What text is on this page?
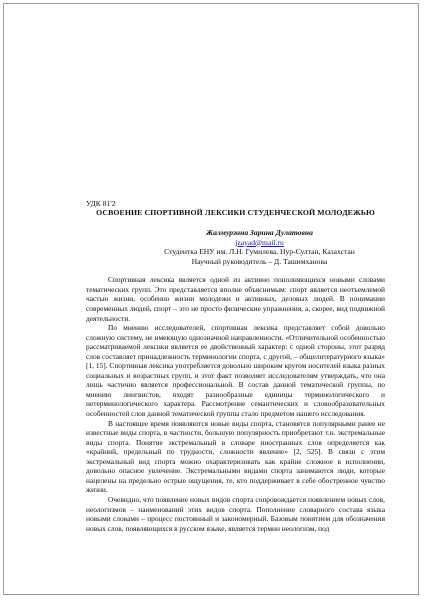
УДК 81'2

ОСВОЕНИЕ СПОРТИВНОЙ ЛЕКСИКИ СТУДЕНЧЕСКОЙ МОЛОДЕЖЬЮ

Жалмурзина Зарина Дулатовна
jzayad@mail.ru
Студентка ЕНУ им. Л.Н. Гумилева, Нур-Султан, Казахстан
Научный руководитель – Д. Ташимханова

Спортивная лексика является одной из активно пополняющихся новыми словами тематических групп. Это представляется вполне объяснимым: спорт является неотъемлемой частью жизни, особенно жизни молодежи и активных, деловых людей. В понимании современных людей, спорт – это не просто физические упражнения, а, скорее, вид подвижной деятельности.

По мнению исследователей, спортивная лексика представляет собой довольно сложную систему, не имеющую однозначной направленности. «Отличительной особенностью рассматриваемой лексики является ее двойственный характер: с одной стороны, этот разряд слов составляет принадлежность терминологии спорта, с другой, – общелитературного языка» [1, 15]. Спортивная лексика употребляется довольно широким кругом носителей языка разных социальных и возрастных групп, и этот факт позволяет исследователям утверждать, что она лишь частично является профессиональной. В состав данной тематической группы, по мнению лингвистов, входят разнообразные единицы терминологического и нетерминологического характера. Рассмотрение семантических и словообразовательных особенностей слов данной тематической группы стало предметом нашего исследования.

В настоящее время появляются новые виды спорта, становятся популярными ранее не известные виды спорта, в частности, большую популярность приобретают т.н. экстремальные виды спорта. Понятие экстремальный в словаре иностранных слов определяется как «крайний, предельный по трудности, сложности явление» [2, 525]. В связи с этим экстремальный вид спорта можно охарактеризовать как крайне сложное в исполнении, довольно опасное увлечение. Экстремальными видами спорта занимаются люди, которые нацелены на предельно острые ощущения, те, кто поддерживает в себе обостренное чувство жизни.

Очевидно, что появление новых видов спорта сопровождается появлением новых слов, неологизмов – наименований этих видов спорта. Пополнение словарного состава языка новыми словами – процесс постоянный и закономерный. Базовым понятием для обозначения новых слов, появляющихся в русском языке, является термин неологизм, под
